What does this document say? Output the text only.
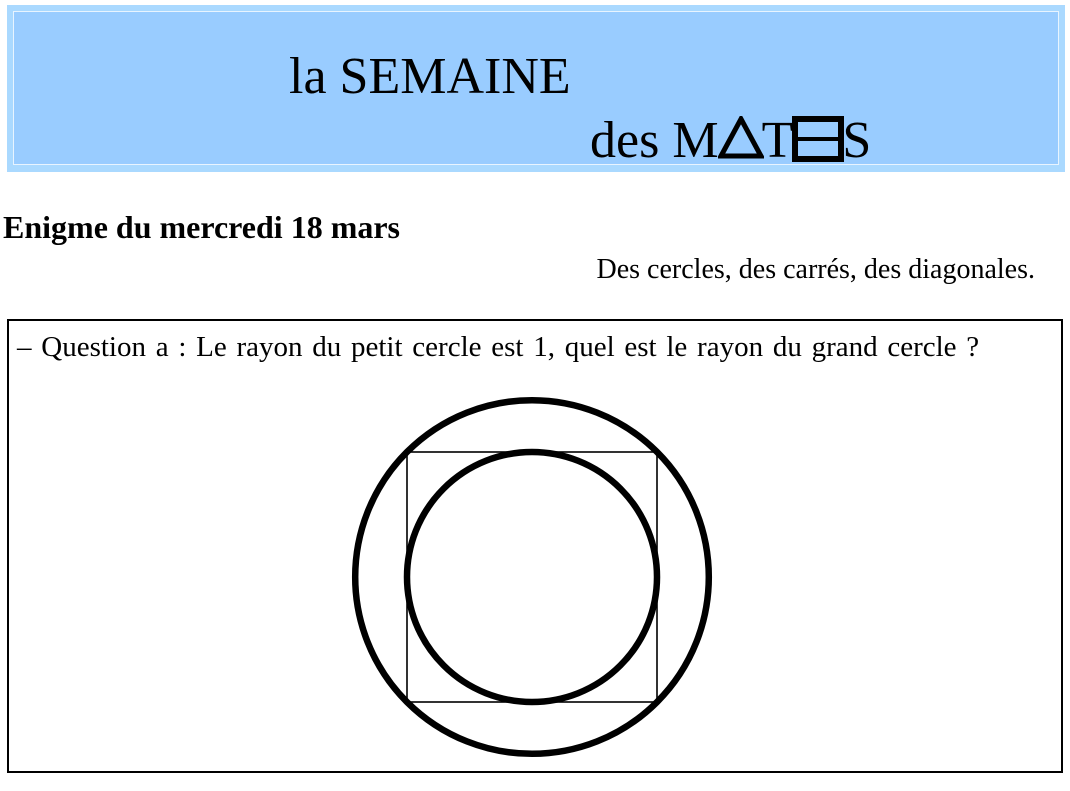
la SEMAINE
des M T S
Enigme du mercredi 18 mars
Des cercles, des carrés, des diagonales.
– Question a : Le rayon du petit cercle est 1, quel est le rayon du grand cercle ?
